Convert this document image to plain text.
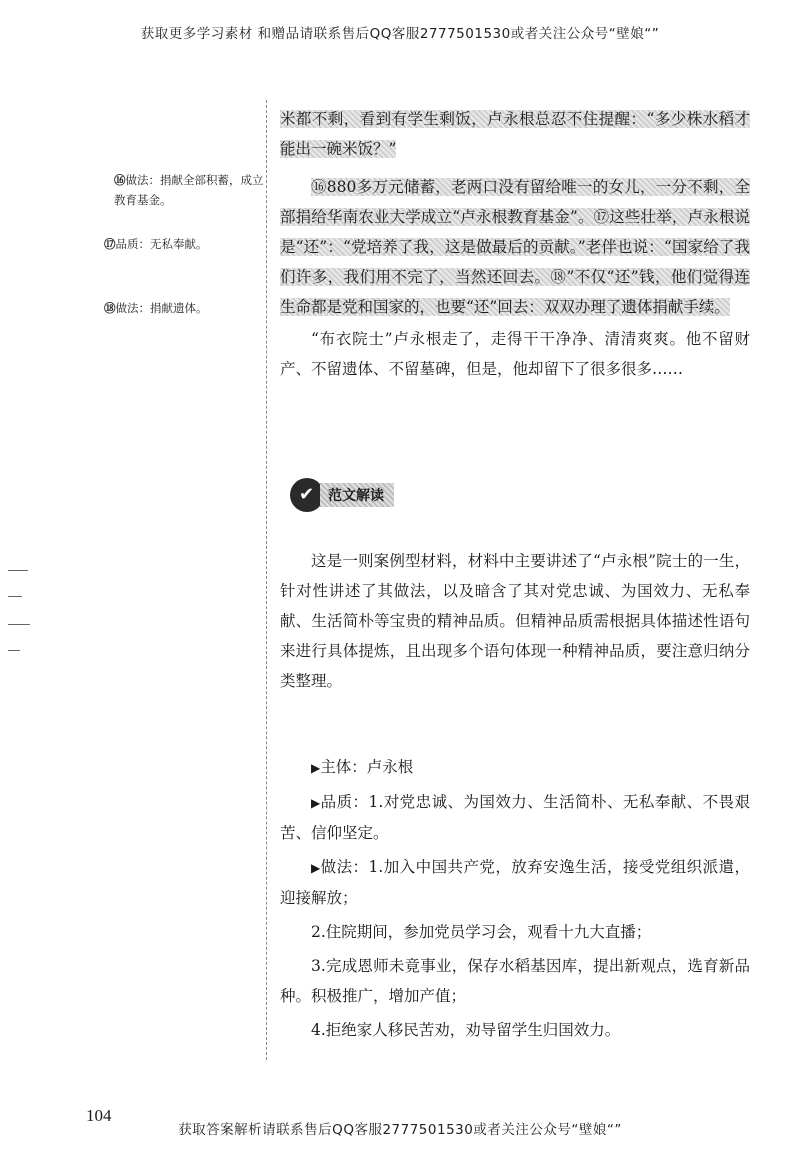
获取更多学习素材 和赠品请联系售后QQ客服2777501530或者关注公众号“壁娘“”
⑯做法：捐献全部积蓄，成立教育基金。
⑰品质：无私奉献。
⑱做法：捐献遗体。

米都不剩，看到有学生剩饭，卢永根总忍不住提醒：“多少株水稻才能出一碗米饭？”

⑯880多万元储蓄，老两口没有留给唯一的女儿，一分不剩，全部捐给华南农业大学成立“卢永根教育基金”。⑰这些壮举，卢永根说是“还”：“党培养了我，这是做最后的贡献。”老伴也说：“国家给了我们许多，我们用不完了，当然还回去。⑱”不仅“还”钱，他们觉得连生命都是党和国家的，也要“还”回去：双双办理了遗体捐献手续。

“布衣院士”卢永根走了，走得干干净净、清清爽爽。他不留财产、不留遗体、不留墓碑，但是，他却留下了很多很多……

✔ 范文解读

这是一则案例型材料，材料中主要讲述了“卢永根”院士的一生，针对性讲述了其做法，以及暗含了其对党忠诚、为国效力、无私奉献、生活简朴等宝贵的精神品质。但精神品质需根据具体描述性语句来进行具体提炼，且出现多个语句体现一种精神品质，要注意归纳分类整理。

▶主体：卢永根

▶品质：1.对党忠诚、为国效力、生活简朴、无私奉献、不畏艰苦、信仰坚定。

▶做法：1.加入中国共产党，放弃安逸生活，接受党组织派遣，迎接解放；

2.住院期间，参加党员学习会，观看十九大直播；

3.完成恩师未竟事业，保存水稻基因库，提出新观点，选育新品种。积极推广，增加产值；

4.拒绝家人移民苦劝，劝导留学生归国效力。

104
获取答案解析请联系售后QQ客服2777501530或者关注公众号“壁娘“”
